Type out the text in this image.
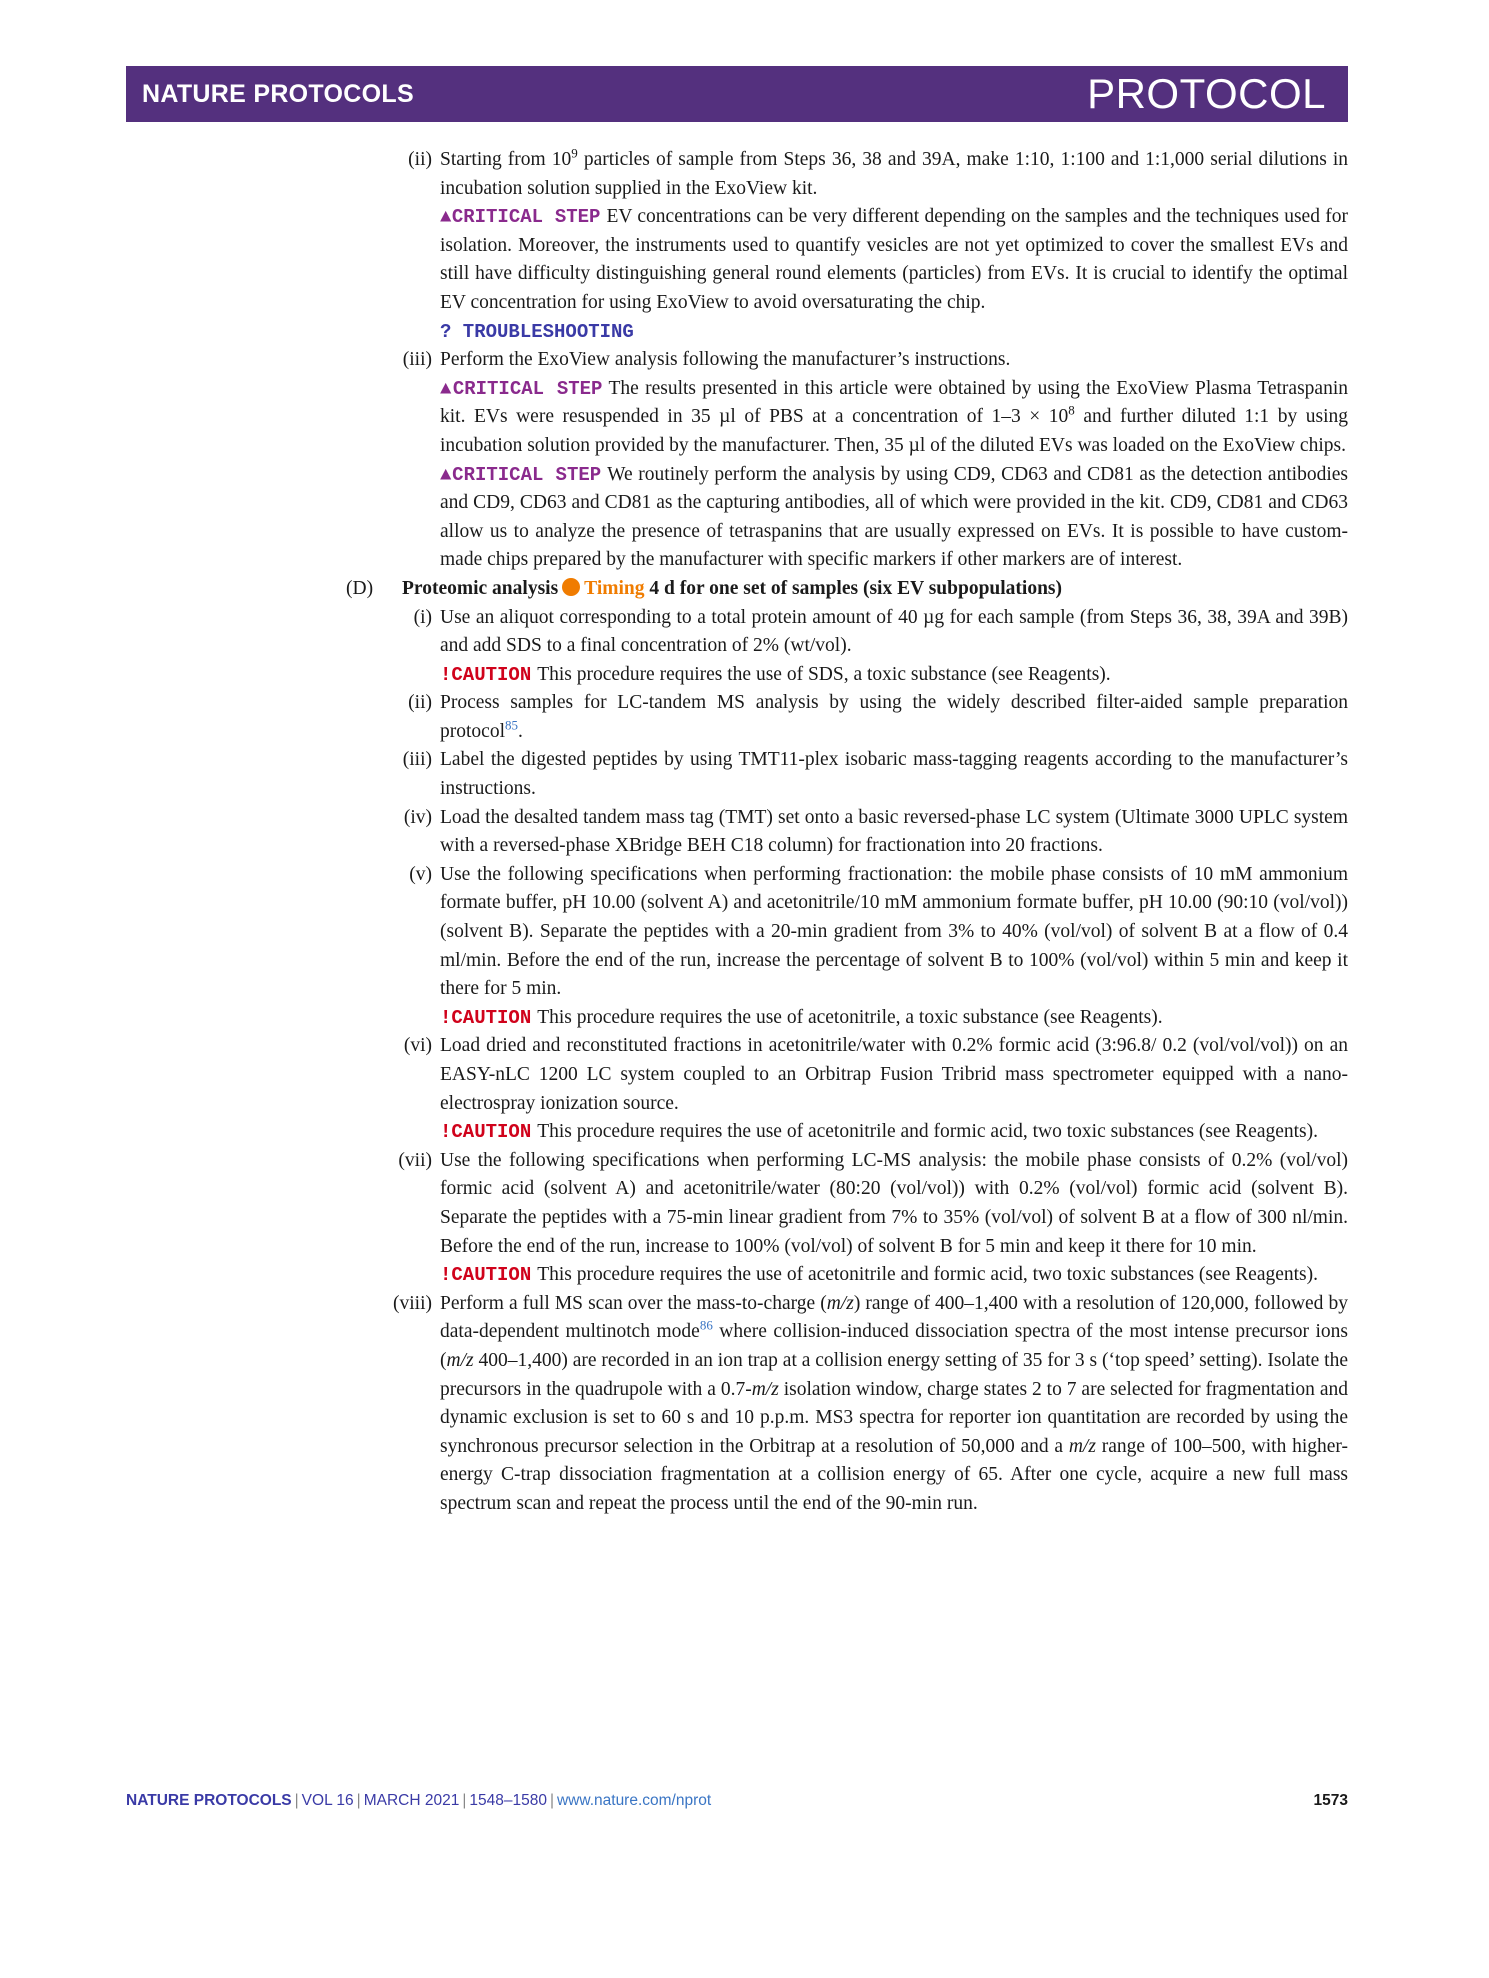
NATURE PROTOCOLS	PROTOCOL
(ii) Starting from $10^9$ particles of sample from Steps 36, 38 and 39A, make 1:10, 1:100 and 1:1,000 serial dilutions in incubation solution supplied in the ExoView kit.

▲CRITICAL STEP EV concentrations can be very different depending on the samples and the techniques used for isolation. Moreover, the instruments used to quantify vesicles are not yet optimized to cover the smallest EVs and still have difficulty distinguishing general round elements (particles) from EVs. It is crucial to identify the optimal EV concentration for using ExoView to avoid oversaturating the chip.

? TROUBLESHOOTING

(iii) Perform the ExoView analysis following the manufacturer’s instructions.

▲CRITICAL STEP The results presented in this article were obtained by using the ExoView Plasma Tetraspanin kit. EVs were resuspended in 35 µl of PBS at a concentration of $1-3 \times 10^8$ and further diluted 1:1 by using incubation solution provided by the manufacturer. Then, 35 µl of the diluted EVs was loaded on the ExoView chips.

▲CRITICAL STEP We routinely perform the analysis by using CD9, CD63 and CD81 as the detection antibodies and CD9, CD63 and CD81 as the capturing antibodies, all of which were provided in the kit. CD9, CD81 and CD63 allow us to analyze the presence of tetraspanins that are usually expressed on EVs. It is possible to have custom-made chips prepared by the manufacturer with specific markers if other markers are of interest.

(D) Proteomic analysis Timing 4 d for one set of samples (six EV subpopulations)
(i) Use an aliquot corresponding to a total protein amount of 40 µg for each sample (from Steps 36, 38, 39A and 39B) and add SDS to a final concentration of 2% (wt/vol).

!CAUTION This procedure requires the use of SDS, a toxic substance (see Reagents).

(ii) Process samples for LC-tandem MS analysis by using the widely described filter-aided sample preparation protocol$^{85}$.

(iii) Label the digested peptides by using TMT11-plex isobaric mass-tagging reagents according to the manufacturer’s instructions.

(iv) Load the desalted tandem mass tag (TMT) set onto a basic reversed-phase LC system (Ultimate 3000 UPLC system with a reversed-phase XBridge BEH C18 column) for fractionation into 20 fractions.

(v) Use the following specifications when performing fractionation: the mobile phase consists of 10 mM ammonium formate buffer, pH 10.00 (solvent A) and acetonitrile/10 mM ammonium formate buffer, pH 10.00 (90:10 (vol/vol)) (solvent B). Separate the peptides with a 20-min gradient from 3% to 40% (vol/vol) of solvent B at a flow of 0.4 ml/min. Before the end of the run, increase the percentage of solvent B to 100% (vol/vol) within 5 min and keep it there for 5 min.

!CAUTION This procedure requires the use of acetonitrile, a toxic substance (see Reagents).

(vi) Load dried and reconstituted fractions in acetonitrile/water with 0.2% formic acid (3:96.8/ 0.2 (vol/vol/vol)) on an EASY-nLC 1200 LC system coupled to an Orbitrap Fusion Tribrid mass spectrometer equipped with a nano-electrospray ionization source.

!CAUTION This procedure requires the use of acetonitrile and formic acid, two toxic substances (see Reagents).

(vii) Use the following specifications when performing LC-MS analysis: the mobile phase consists of 0.2% (vol/vol) formic acid (solvent A) and acetonitrile/water (80:20 (vol/vol)) with 0.2% (vol/vol) formic acid (solvent B). Separate the peptides with a 75-min linear gradient from 7% to 35% (vol/vol) of solvent B at a flow of 300 nl/min. Before the end of the run, increase to 100% (vol/vol) of solvent B for 5 min and keep it there for 10 min.

!CAUTION This procedure requires the use of acetonitrile and formic acid, two toxic substances (see Reagents).

(viii) Perform a full MS scan over the mass-to-charge (m/z) range of 400–1,400 with a resolution of 120,000, followed by data-dependent multinotch mode$^{86}$ where collision-induced dissociation spectra of the most intense precursor ions (m/z 400–1,400) are recorded in an ion trap at a collision energy setting of 35 for 3 s (‘top speed’ setting). Isolate the precursors in the quadrupole with a 0.7-m/z isolation window, charge states 2 to 7 are selected for fragmentation and dynamic exclusion is set to 60 s and 10 p.p.m. MS3 spectra for reporter ion quantitation are recorded by using the synchronous precursor selection in the Orbitrap at a resolution of 50,000 and a m/z range of 100–500, with higher-energy C-trap dissociation fragmentation at a collision energy of 65. After one cycle, acquire a new full mass spectrum scan and repeat the process until the end of the 90-min run.

NATURE PROTOCOLS | VOL 16 | MARCH 2021 | 1548–1580 | www.nature.com/nprot	1573
